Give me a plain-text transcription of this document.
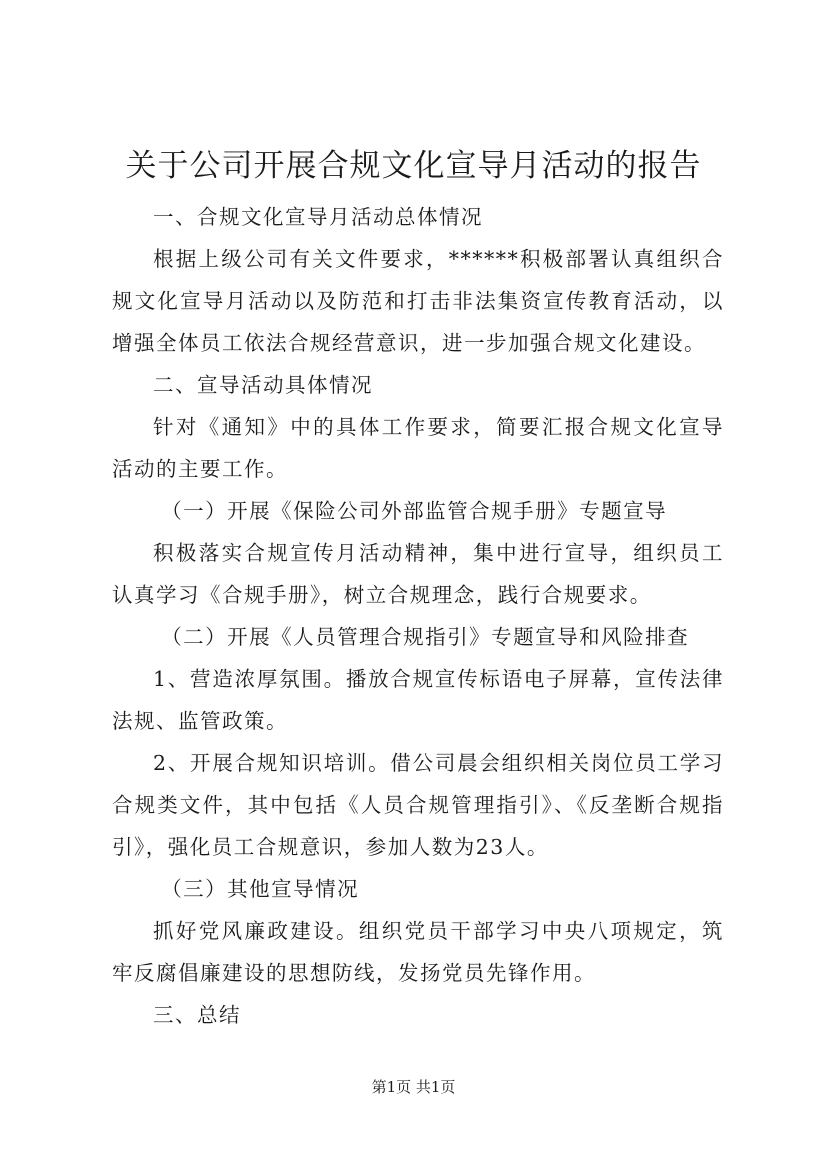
关于公司开展合规文化宣导月活动的报告

一、合规文化宣导月活动总体情况

根据上级公司有关文件要求，******积极部署认真组织合规文化宣导月活动以及防范和打击非法集资宣传教育活动，以增强全体员工依法合规经营意识，进一步加强合规文化建设。

二、宣导活动具体情况

针对《通知》中的具体工作要求，简要汇报合规文化宣导活动的主要工作。

（一）开展《保险公司外部监管合规手册》专题宣导

积极落实合规宣传月活动精神，集中进行宣导，组织员工认真学习《合规手册》，树立合规理念，践行合规要求。

（二）开展《人员管理合规指引》专题宣导和风险排查

1、营造浓厚氛围。播放合规宣传标语电子屏幕，宣传法律法规、监管政策。

2、开展合规知识培训。借公司晨会组织相关岗位员工学习合规类文件，其中包括《人员合规管理指引》、《反垄断合规指引》，强化员工合规意识，参加人数为23人。

（三）其他宣导情况

抓好党风廉政建设。组织党员干部学习中央八项规定，筑牢反腐倡廉建设的思想防线，发扬党员先锋作用。

三、总结

第1页 共1页
